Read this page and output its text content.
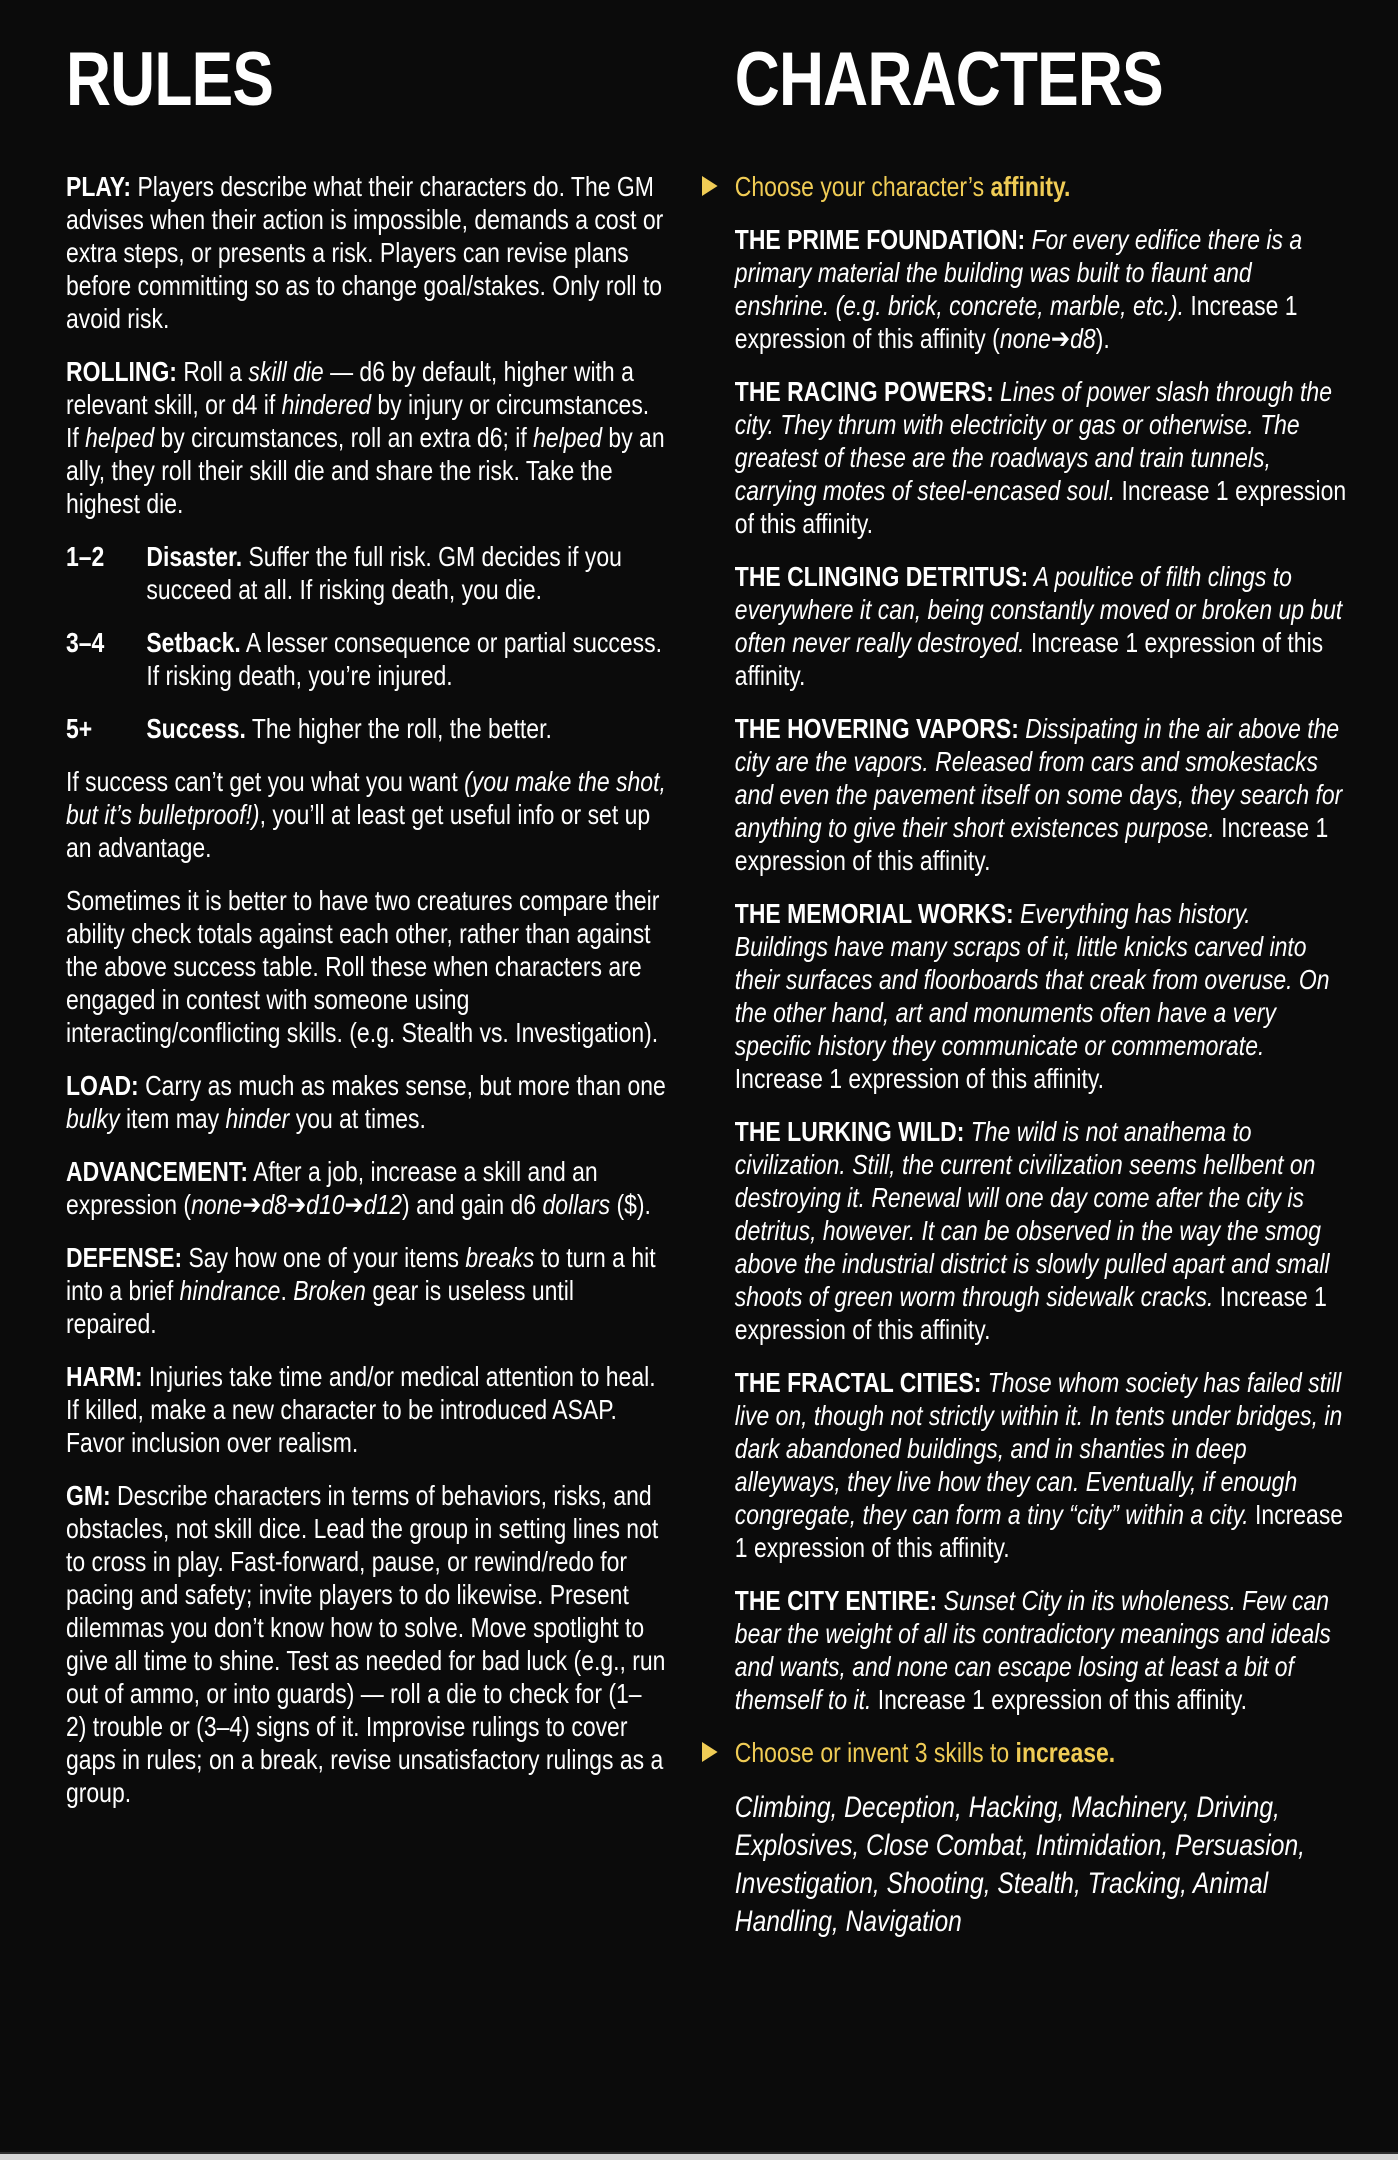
RULES

PLAY: Players describe what their characters do. The GM advises when their action is impossible, demands a cost or extra steps, or presents a risk. Players can revise plans before committing so as to change goal/stakes. Only roll to avoid risk.

ROLLING: Roll a skill die — d6 by default, higher with a relevant skill, or d4 if hindered by injury or circumstances. If helped by circumstances, roll an extra d6; if helped by an ally, they roll their skill die and share the risk. Take the highest die.

1–2	Disaster. Suffer the full risk. GM decides if you succeed at all. If risking death, you die.

3–4	Setback. A lesser consequence or partial success. If risking death, you’re injured.

5+	Success. The higher the roll, the better.

If success can’t get you what you want (you make the shot, but it’s bulletproof!), you’ll at least get useful info or set up an advantage.

Sometimes it is better to have two creatures compare their ability check totals against each other, rather than against the above success table. Roll these when characters are engaged in contest with someone using interacting/conflicting skills. (e.g. Stealth vs. Investigation).

LOAD: Carry as much as makes sense, but more than one bulky item may hinder you at times.

ADVANCEMENT: After a job, increase a skill and an expression (none➔d8➔d10➔d12) and gain d6 dollars ($).

DEFENSE: Say how one of your items breaks to turn a hit into a brief hindrance. Broken gear is useless until repaired.

HARM: Injuries take time and/or medical attention to heal. If killed, make a new character to be introduced ASAP. Favor inclusion over realism.

GM: Describe characters in terms of behaviors, risks, and obstacles, not skill dice. Lead the group in setting lines not to cross in play. Fast-forward, pause, or rewind/redo for pacing and safety; invite players to do likewise. Present dilemmas you don’t know how to solve. Move spotlight to give all time to shine. Test as needed for bad luck (e.g., run out of ammo, or into guards) — roll a die to check for (1– 2) trouble or (3–4) signs of it. Improvise rulings to cover gaps in rules; on a break, revise unsatisfactory rulings as a group.

CHARACTERS

Choose your character’s affinity.

THE PRIME FOUNDATION: For every edifice there is a primary material the building was built to flaunt and enshrine. (e.g. brick, concrete, marble, etc.). Increase 1 expression of this affinity (none➔d8).

THE RACING POWERS: Lines of power slash through the city. They thrum with electricity or gas or otherwise. The greatest of these are the roadways and train tunnels, carrying motes of steel-encased soul. Increase 1 expression of this affinity.

THE CLINGING DETRITUS: A poultice of filth clings to everywhere it can, being constantly moved or broken up but often never really destroyed. Increase 1 expression of this affinity.

THE HOVERING VAPORS: Dissipating in the air above the city are the vapors. Released from cars and smokestacks and even the pavement itself on some days, they search for anything to give their short existences purpose. Increase 1 expression of this affinity.

THE MEMORIAL WORKS: Everything has history. Buildings have many scraps of it, little knicks carved into their surfaces and floorboards that creak from overuse. On the other hand, art and monuments often have a very specific history they communicate or commemorate. Increase 1 expression of this affinity.

THE LURKING WILD: The wild is not anathema to civilization. Still, the current civilization seems hellbent on destroying it. Renewal will one day come after the city is detritus, however. It can be observed in the way the smog above the industrial district is slowly pulled apart and small shoots of green worm through sidewalk cracks. Increase 1 expression of this affinity.

THE FRACTAL CITIES: Those whom society has failed still live on, though not strictly within it. In tents under bridges, in dark abandoned buildings, and in shanties in deep alleyways, they live how they can. Eventually, if enough congregate, they can form a tiny “city” within a city. Increase 1 expression of this affinity.

THE CITY ENTIRE: Sunset City in its wholeness. Few can bear the weight of all its contradictory meanings and ideals and wants, and none can escape losing at least a bit of themself to it. Increase 1 expression of this affinity.

Choose or invent 3 skills to increase.

Climbing, Deception, Hacking, Machinery, Driving, Explosives, Close Combat, Intimidation, Persuasion, Investigation, Shooting, Stealth, Tracking, Animal Handling, Navigation
